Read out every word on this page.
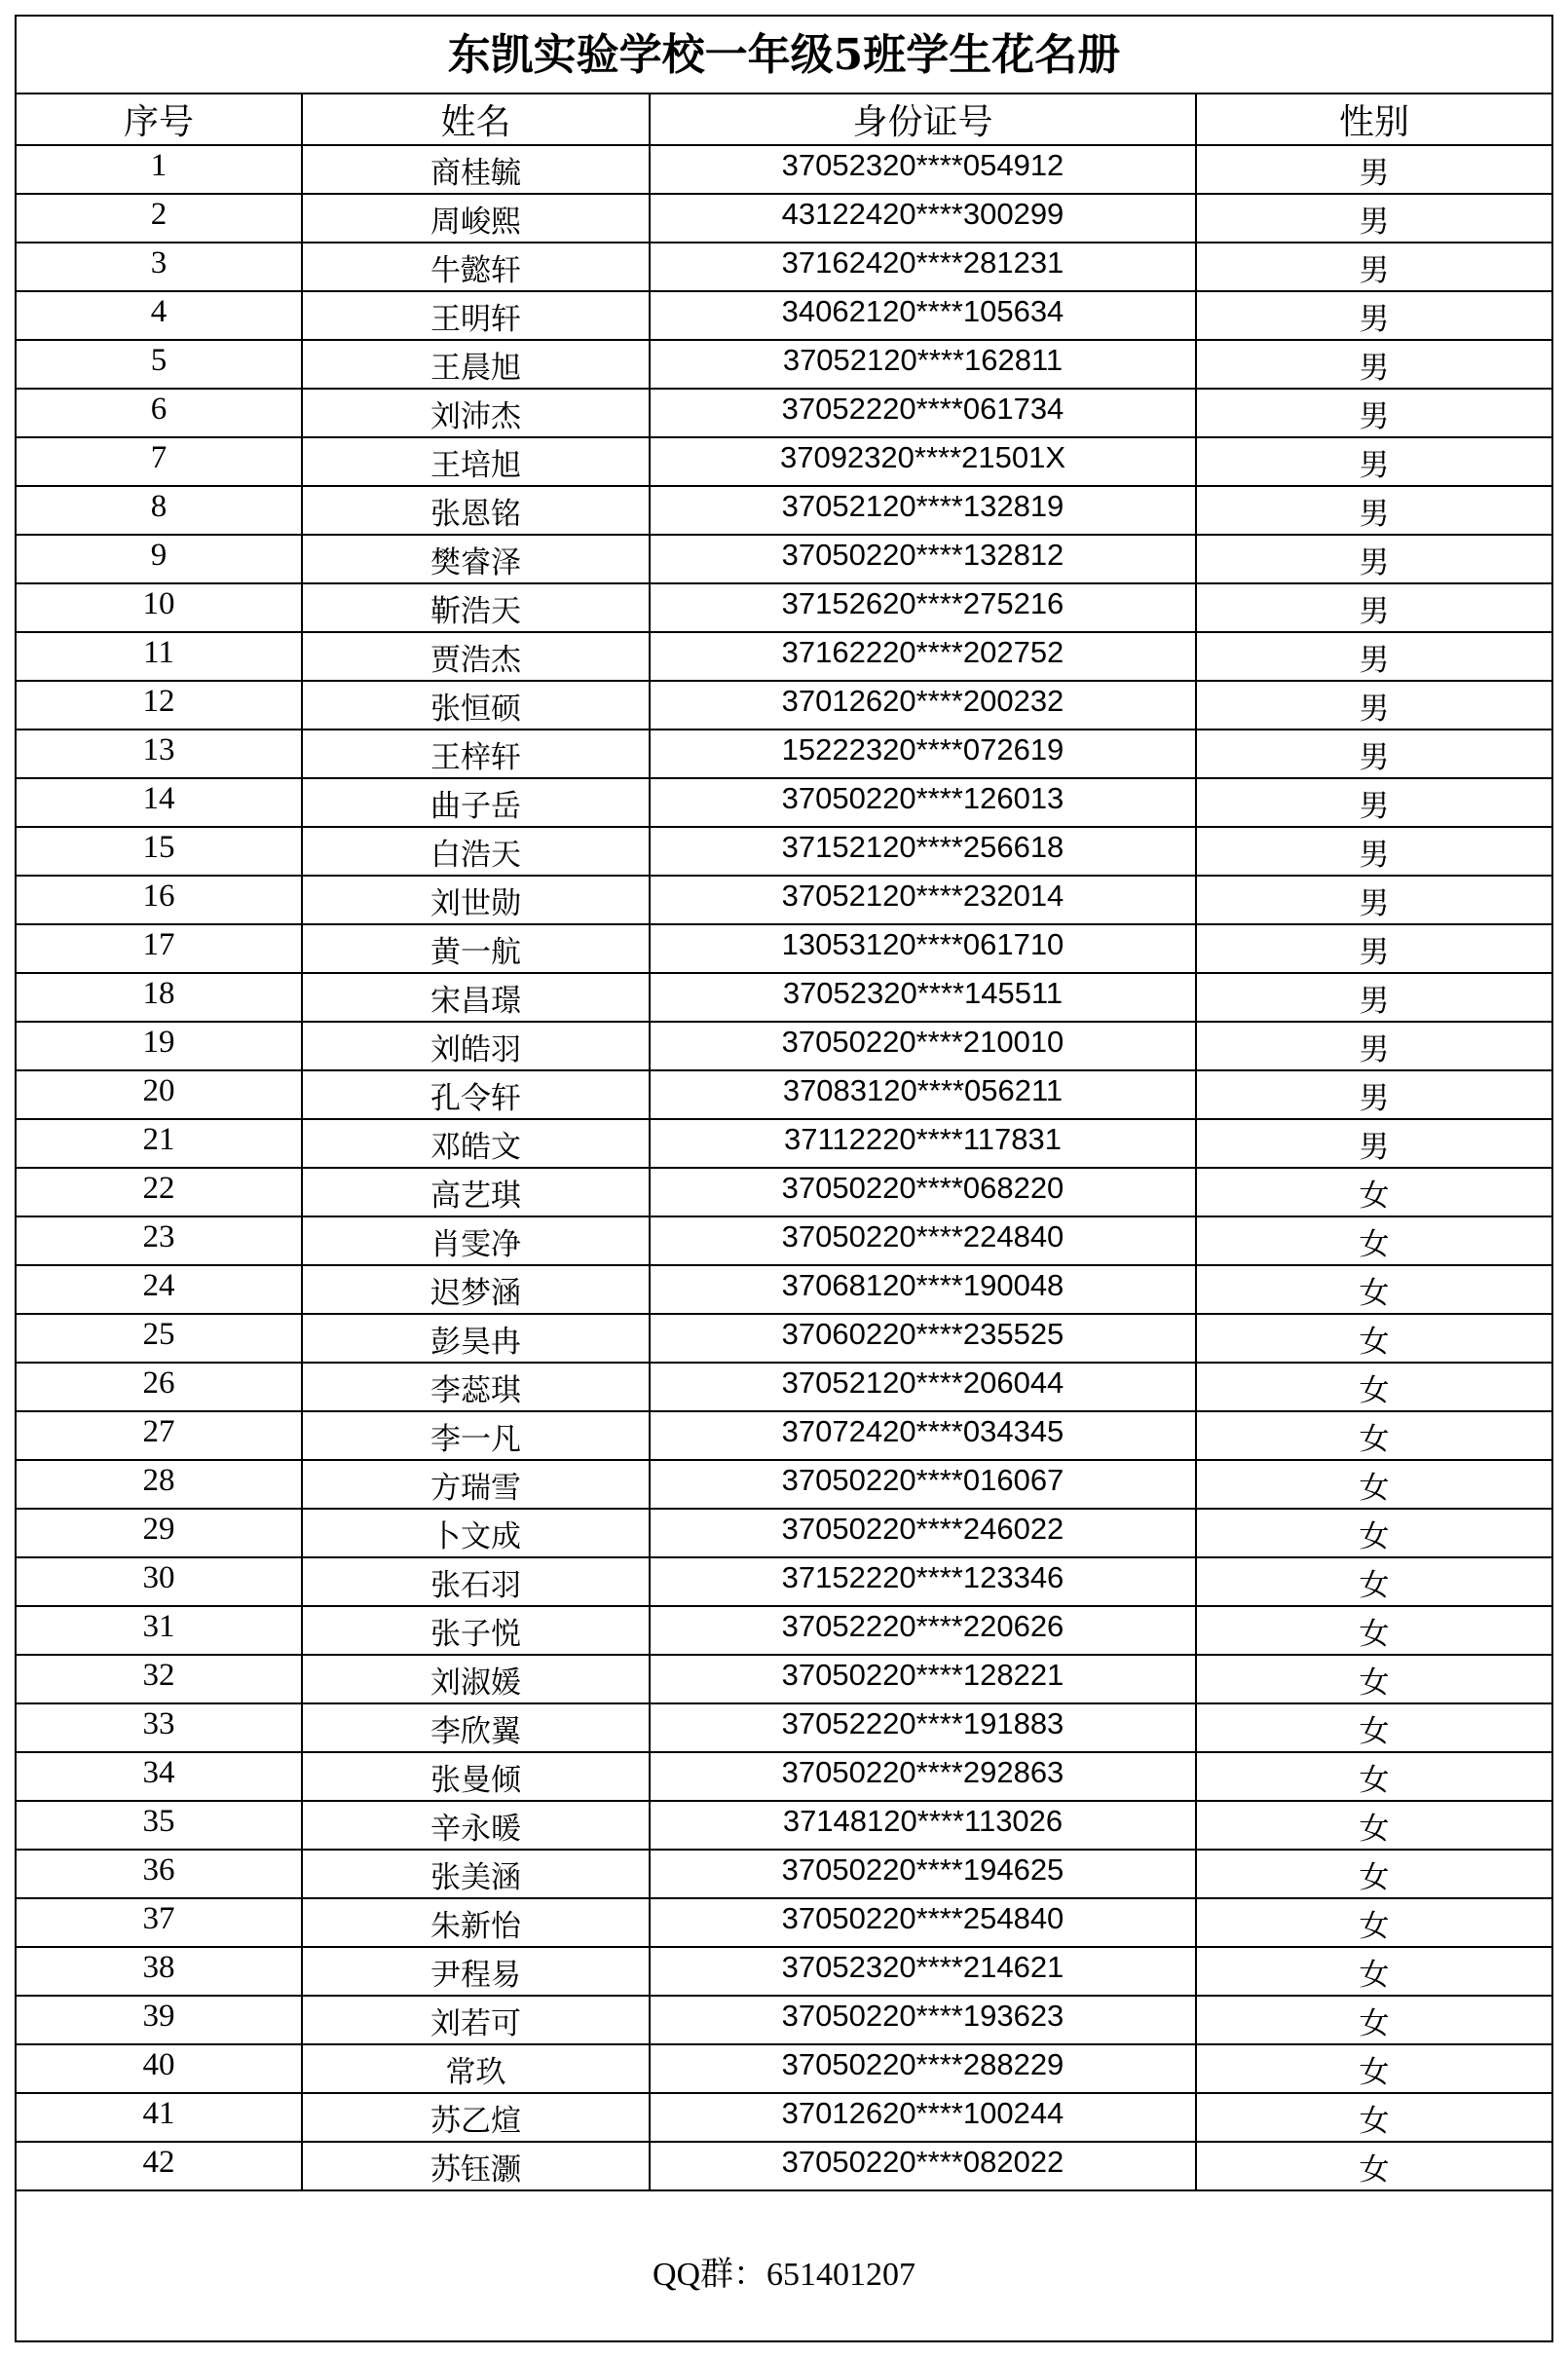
东凯实验学校一年级5班学生花名册
序号	姓名	身份证号	性别
1	商桂毓	37052320****054912	男
2	周峻熙	43122420****300299	男
3	牛懿轩	37162420****281231	男
4	王明轩	34062120****105634	男
5	王晨旭	37052120****162811	男
6	刘沛杰	37052220****061734	男
7	王培旭	37092320****21501X	男
8	张恩铭	37052120****132819	男
9	樊睿泽	37050220****132812	男
10	靳浩天	37152620****275216	男
11	贾浩杰	37162220****202752	男
12	张恒硕	37012620****200232	男
13	王梓轩	15222320****072619	男
14	曲子岳	37050220****126013	男
15	白浩天	37152120****256618	男
16	刘世勋	37052120****232014	男
17	黄一航	13053120****061710	男
18	宋昌璟	37052320****145511	男
19	刘皓羽	37050220****210010	男
20	孔令轩	37083120****056211	男
21	邓皓文	37112220****117831	男
22	高艺琪	37050220****068220	女
23	肖雯净	37050220****224840	女
24	迟梦涵	37068120****190048	女
25	彭昊冉	37060220****235525	女
26	李蕊琪	37052120****206044	女
27	李一凡	37072420****034345	女
28	方瑞雪	37050220****016067	女
29	卜文成	37050220****246022	女
30	张石羽	37152220****123346	女
31	张子悦	37052220****220626	女
32	刘淑媛	37050220****128221	女
33	李欣翼	37052220****191883	女
34	张曼倾	37050220****292863	女
35	辛永暖	37148120****113026	女
36	张美涵	37050220****194625	女
37	朱新怡	37050220****254840	女
38	尹程易	37052320****214621	女
39	刘若可	37050220****193623	女
40	常玖	37050220****288229	女
41	苏乙煊	37012620****100244	女
42	苏钰灏	37050220****082022	女
QQ群：651401207
